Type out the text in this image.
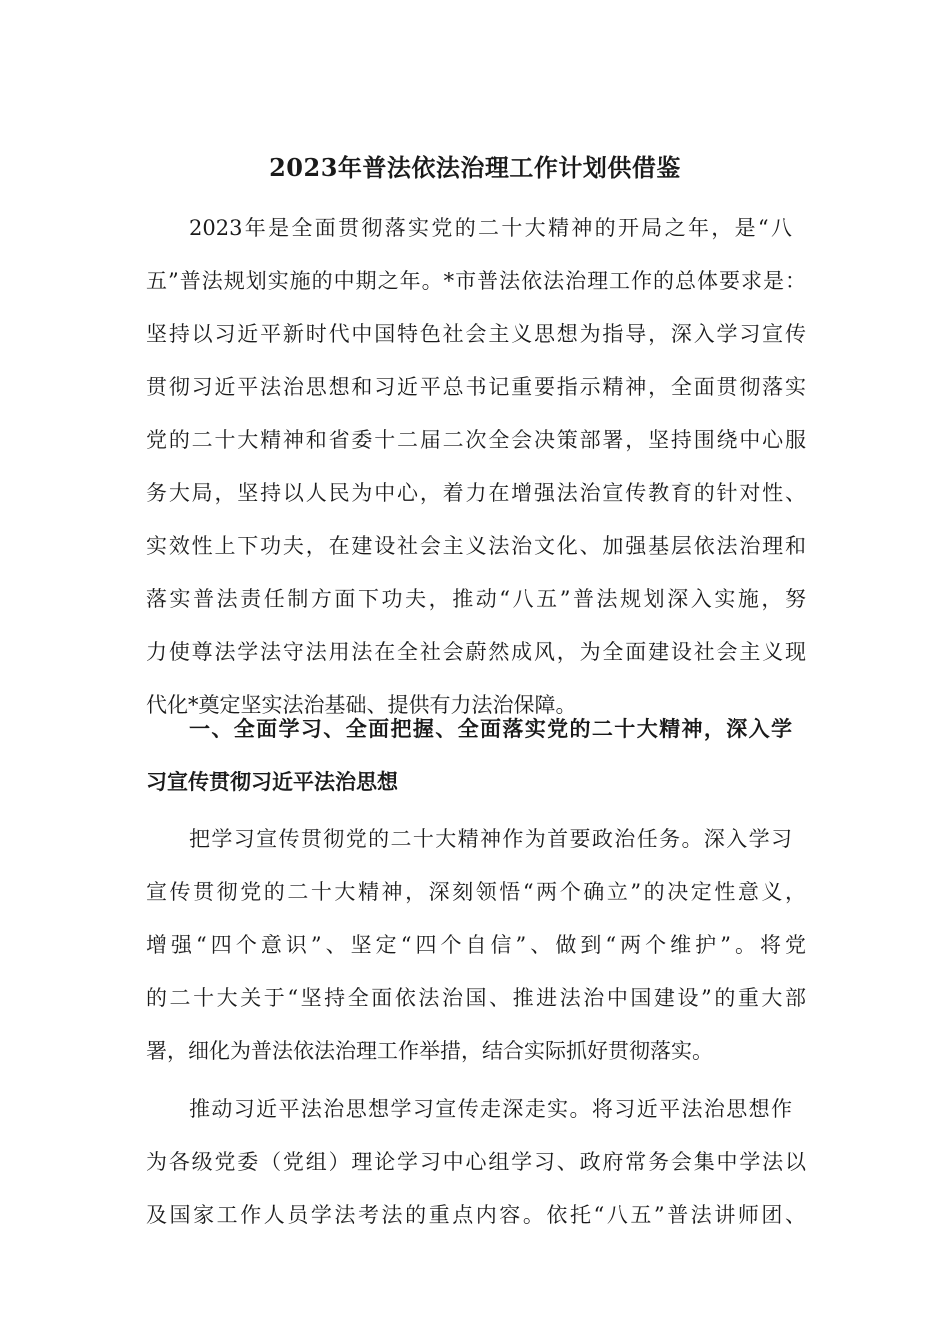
2023年普法依法治理工作计划供借鉴
2023年是全面贯彻落实党的二十大精神的开局之年，是“八
五”普法规划实施的中期之年。*市普法依法治理工作的总体要求是：
坚持以习近平新时代中国特色社会主义思想为指导，深入学习宣传
贯彻习近平法治思想和习近平总书记重要指示精神，全面贯彻落实
党的二十大精神和省委十二届二次全会决策部署，坚持围绕中心服
务大局，坚持以人民为中心，着力在增强法治宣传教育的针对性、
实效性上下功夫，在建设社会主义法治文化、加强基层依法治理和
落实普法责任制方面下功夫，推动“八五”普法规划深入实施，努
力使尊法学法守法用法在全社会蔚然成风，为全面建设社会主义现
代化*奠定坚实法治基础、提供有力法治保障。
一、全面学习、全面把握、全面落实党的二十大精神，深入学
习宣传贯彻习近平法治思想
把学习宣传贯彻党的二十大精神作为首要政治任务。深入学习
宣传贯彻党的二十大精神，深刻领悟“两个确立”的决定性意义，
增强“四个意识”、坚定“四个自信”、做到“两个维护”。将党
的二十大关于“坚持全面依法治国、推进法治中国建设”的重大部
署，细化为普法依法治理工作举措，结合实际抓好贯彻落实。
推动习近平法治思想学习宣传走深走实。将习近平法治思想作
为各级党委（党组）理论学习中心组学习、政府常务会集中学法以
及国家工作人员学法考法的重点内容。依托“八五”普法讲师团、
